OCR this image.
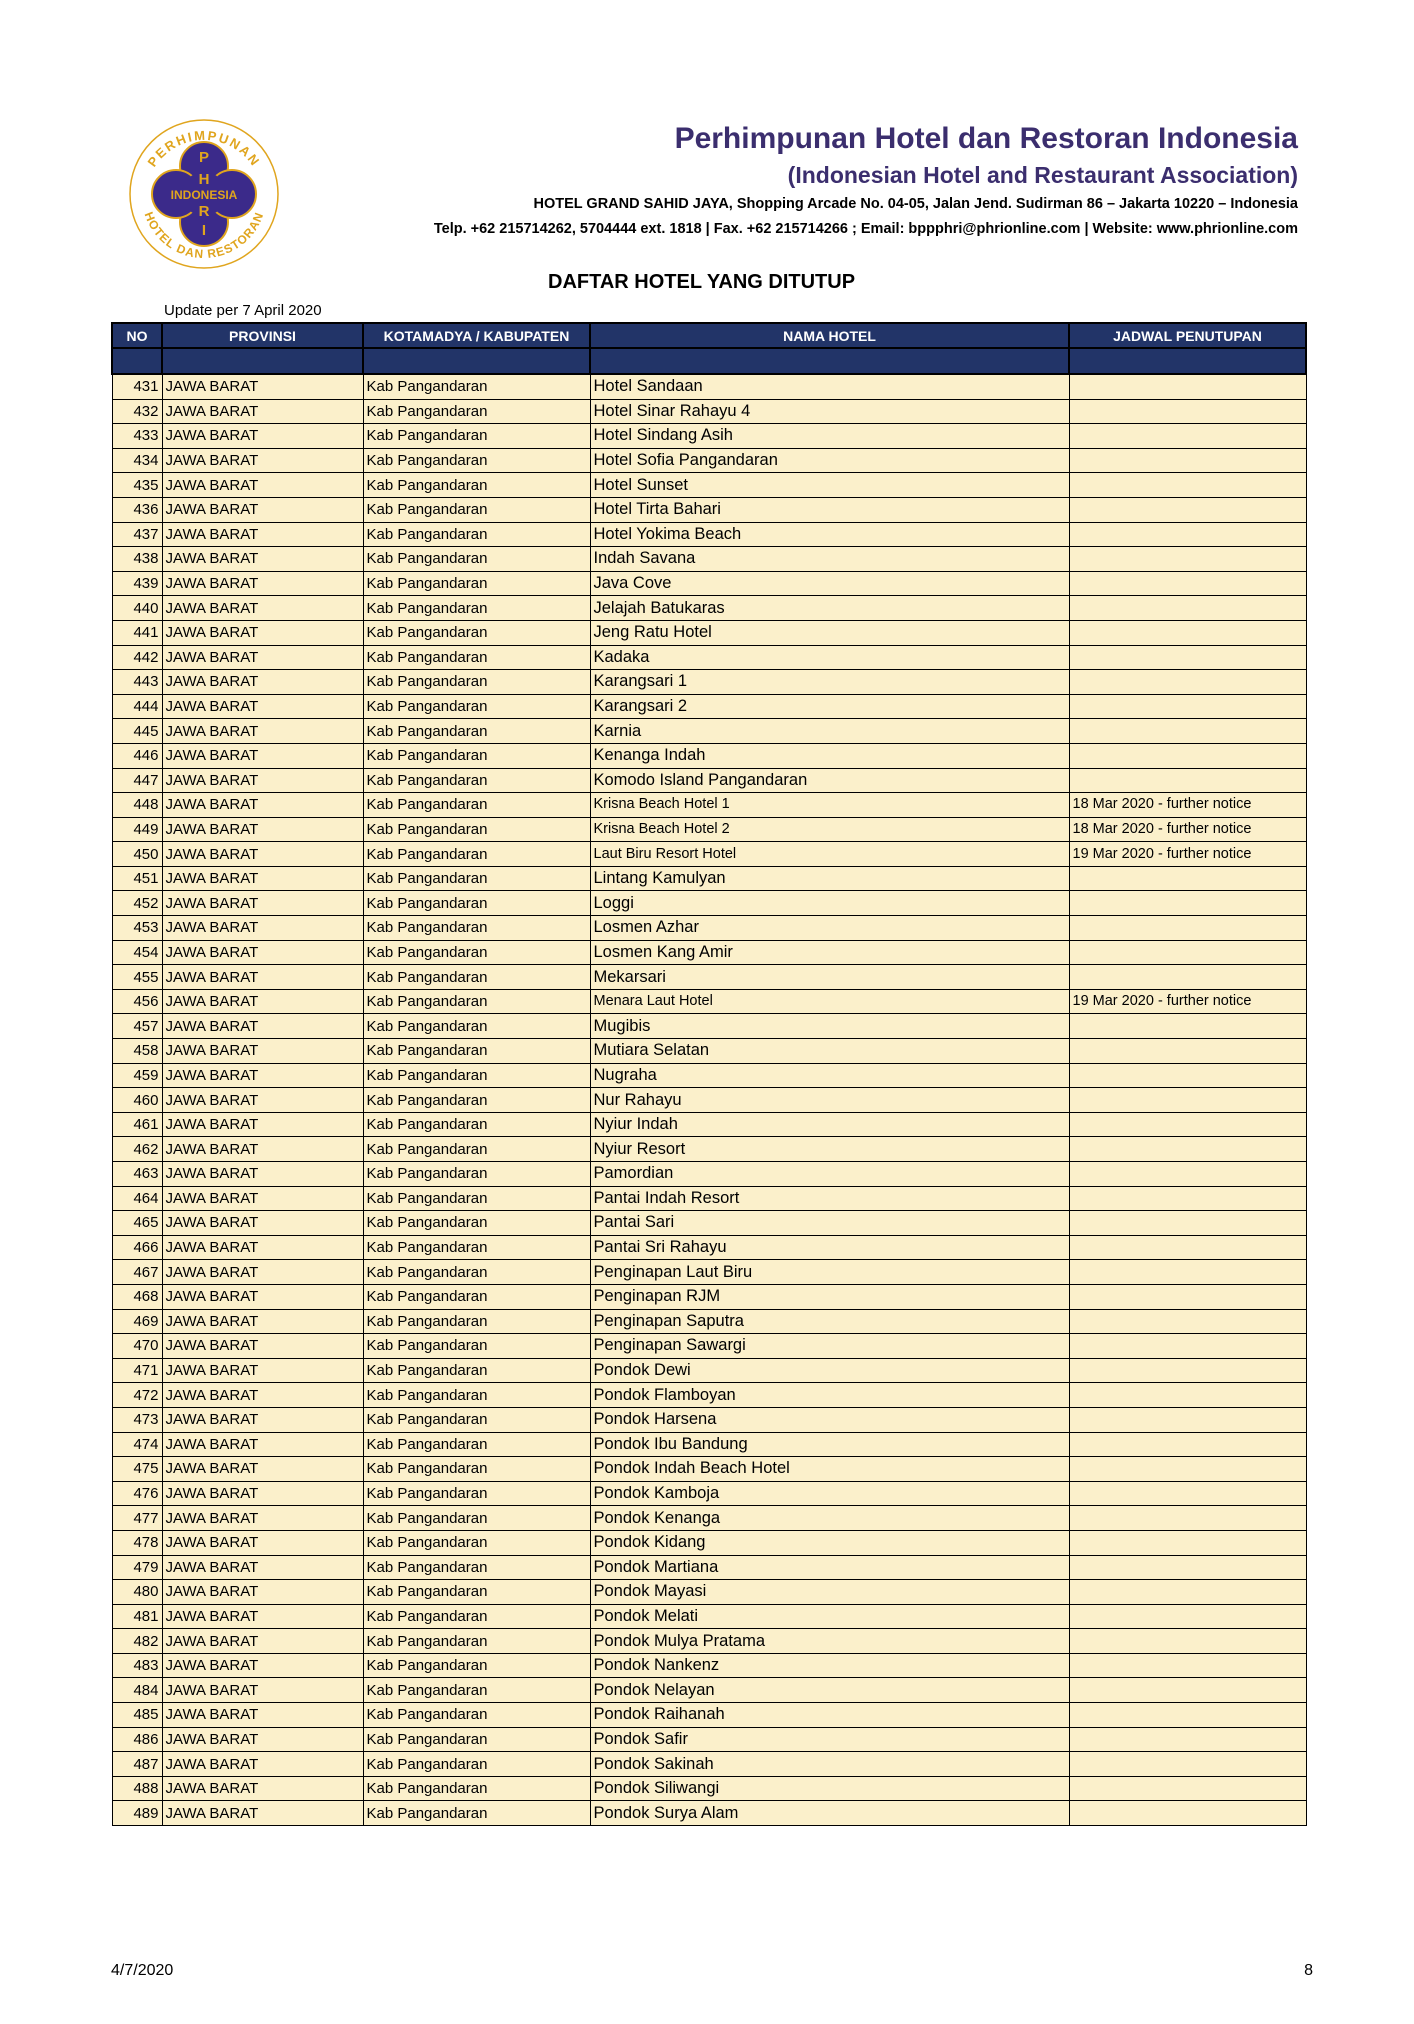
PERHIMPUNAN
HOTEL DAN RESTORAN
P
H
INDONESIA
R
I
Perhimpunan Hotel dan Restoran Indonesia
(Indonesian Hotel and Restaurant Association)
HOTEL GRAND SAHID JAYA, Shopping Arcade No. 04-05, Jalan Jend. Sudirman 86 – Jakarta 10220 – Indonesia
Telp. +62 215714262, 5704444 ext. 1818 | Fax. +62 215714266 ; Email: bppphri@phrionline.com | Website: www.phrionline.com
DAFTAR HOTEL YANG DITUTUP
Update per 7 April 2020
NO	PROVINSI	KOTAMADYA / KABUPATEN	NAMA HOTEL	JADWAL PENUTUPAN

431	JAWA BARAT	Kab Pangandaran	Hotel Sandaan	
432	JAWA BARAT	Kab Pangandaran	Hotel Sinar Rahayu 4	
433	JAWA BARAT	Kab Pangandaran	Hotel Sindang Asih	
434	JAWA BARAT	Kab Pangandaran	Hotel Sofia Pangandaran	
435	JAWA BARAT	Kab Pangandaran	Hotel Sunset	
436	JAWA BARAT	Kab Pangandaran	Hotel Tirta Bahari	
437	JAWA BARAT	Kab Pangandaran	Hotel Yokima Beach	
438	JAWA BARAT	Kab Pangandaran	Indah Savana	
439	JAWA BARAT	Kab Pangandaran	Java Cove	
440	JAWA BARAT	Kab Pangandaran	Jelajah Batukaras	
441	JAWA BARAT	Kab Pangandaran	Jeng Ratu Hotel	
442	JAWA BARAT	Kab Pangandaran	Kadaka	
443	JAWA BARAT	Kab Pangandaran	Karangsari 1	
444	JAWA BARAT	Kab Pangandaran	Karangsari 2	
445	JAWA BARAT	Kab Pangandaran	Karnia	
446	JAWA BARAT	Kab Pangandaran	Kenanga Indah	
447	JAWA BARAT	Kab Pangandaran	Komodo Island Pangandaran	
448	JAWA BARAT	Kab Pangandaran	Krisna Beach Hotel 1	18 Mar 2020 - further notice
449	JAWA BARAT	Kab Pangandaran	Krisna Beach Hotel 2	18 Mar 2020 - further notice
450	JAWA BARAT	Kab Pangandaran	Laut Biru Resort Hotel	19 Mar 2020 - further notice
451	JAWA BARAT	Kab Pangandaran	Lintang Kamulyan	
452	JAWA BARAT	Kab Pangandaran	Loggi	
453	JAWA BARAT	Kab Pangandaran	Losmen Azhar	
454	JAWA BARAT	Kab Pangandaran	Losmen Kang Amir	
455	JAWA BARAT	Kab Pangandaran	Mekarsari	
456	JAWA BARAT	Kab Pangandaran	Menara Laut Hotel	19 Mar 2020 - further notice
457	JAWA BARAT	Kab Pangandaran	Mugibis	
458	JAWA BARAT	Kab Pangandaran	Mutiara Selatan	
459	JAWA BARAT	Kab Pangandaran	Nugraha	
460	JAWA BARAT	Kab Pangandaran	Nur Rahayu	
461	JAWA BARAT	Kab Pangandaran	Nyiur Indah	
462	JAWA BARAT	Kab Pangandaran	Nyiur Resort	
463	JAWA BARAT	Kab Pangandaran	Pamordian	
464	JAWA BARAT	Kab Pangandaran	Pantai Indah Resort	
465	JAWA BARAT	Kab Pangandaran	Pantai Sari	
466	JAWA BARAT	Kab Pangandaran	Pantai Sri Rahayu	
467	JAWA BARAT	Kab Pangandaran	Penginapan Laut Biru	
468	JAWA BARAT	Kab Pangandaran	Penginapan RJM	
469	JAWA BARAT	Kab Pangandaran	Penginapan Saputra	
470	JAWA BARAT	Kab Pangandaran	Penginapan Sawargi	
471	JAWA BARAT	Kab Pangandaran	Pondok Dewi	
472	JAWA BARAT	Kab Pangandaran	Pondok Flamboyan	
473	JAWA BARAT	Kab Pangandaran	Pondok Harsena	
474	JAWA BARAT	Kab Pangandaran	Pondok Ibu Bandung	
475	JAWA BARAT	Kab Pangandaran	Pondok Indah Beach Hotel	
476	JAWA BARAT	Kab Pangandaran	Pondok Kamboja	
477	JAWA BARAT	Kab Pangandaran	Pondok Kenanga	
478	JAWA BARAT	Kab Pangandaran	Pondok Kidang	
479	JAWA BARAT	Kab Pangandaran	Pondok Martiana	
480	JAWA BARAT	Kab Pangandaran	Pondok Mayasi	
481	JAWA BARAT	Kab Pangandaran	Pondok Melati	
482	JAWA BARAT	Kab Pangandaran	Pondok Mulya Pratama	
483	JAWA BARAT	Kab Pangandaran	Pondok Nankenz	
484	JAWA BARAT	Kab Pangandaran	Pondok Nelayan	
485	JAWA BARAT	Kab Pangandaran	Pondok Raihanah	
486	JAWA BARAT	Kab Pangandaran	Pondok Safir	
487	JAWA BARAT	Kab Pangandaran	Pondok Sakinah	
488	JAWA BARAT	Kab Pangandaran	Pondok Siliwangi	
489	JAWA BARAT	Kab Pangandaran	Pondok Surya Alam	
4/7/2020	8
